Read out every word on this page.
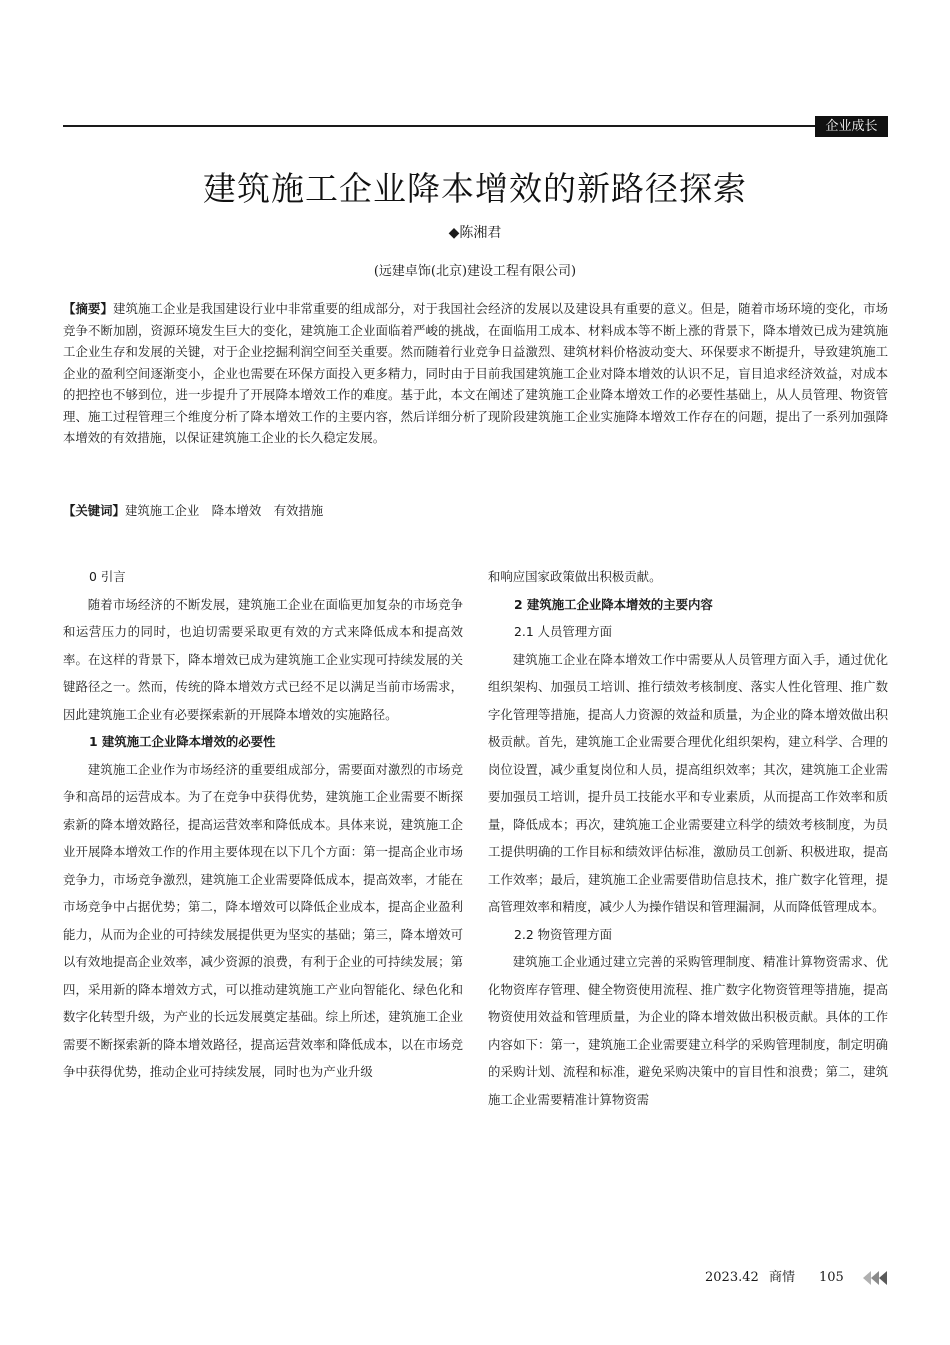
企业成长
建筑施工企业降本增效的新路径探索
◆陈湘君
(远建卓饰(北京)建设工程有限公司)
【摘要】建筑施工企业是我国建设行业中非常重要的组成部分，对于我国社会经济的发展以及建设具有重要的意义。但是，随着市场环境的变化，市场竞争不断加剧，资源环境发生巨大的变化，建筑施工企业面临着严峻的挑战，在面临用工成本、材料成本等不断上涨的背景下，降本增效已成为建筑施工企业生存和发展的关键，对于企业挖掘利润空间至关重要。然而随着行业竞争日益激烈、建筑材料价格波动变大、环保要求不断提升，导致建筑施工企业的盈利空间逐渐变小，企业也需要在环保方面投入更多精力，同时由于目前我国建筑施工企业对降本增效的认识不足，盲目追求经济效益，对成本的把控也不够到位，进一步提升了开展降本增效工作的难度。基于此，本文在阐述了建筑施工企业降本增效工作的必要性基础上，从人员管理、物资管理、施工过程管理三个维度分析了降本增效工作的主要内容，然后详细分析了现阶段建筑施工企业实施降本增效工作存在的问题，提出了一系列加强降本增效的有效措施，以保证建筑施工企业的长久稳定发展。
【关键词】建筑施工企业　降本增效　有效措施
0 引言

随着市场经济的不断发展，建筑施工企业在面临更加复杂的市场竞争和运营压力的同时，也迫切需要采取更有效的方式来降低成本和提高效率。在这样的背景下，降本增效已成为建筑施工企业实现可持续发展的关键路径之一。然而，传统的降本增效方式已经不足以满足当前市场需求，因此建筑施工企业有必要探索新的开展降本增效的实施路径。

1 建筑施工企业降本增效的必要性

建筑施工企业作为市场经济的重要组成部分，需要面对激烈的市场竞争和高昂的运营成本。为了在竞争中获得优势，建筑施工企业需要不断探索新的降本增效路径，提高运营效率和降低成本。具体来说，建筑施工企业开展降本增效工作的作用主要体现在以下几个方面：第一提高企业市场竞争力，市场竞争激烈，建筑施工企业需要降低成本，提高效率，才能在市场竞争中占据优势；第二，降本增效可以降低企业成本，提高企业盈利能力，从而为企业的可持续发展提供更为坚实的基础；第三，降本增效可以有效地提高企业效率，减少资源的浪费，有利于企业的可持续发展；第四，采用新的降本增效方式，可以推动建筑施工产业向智能化、绿色化和数字化转型升级，为产业的长远发展奠定基础。综上所述，建筑施工企业需要不断探索新的降本增效路径，提高运营效率和降低成本，以在市场竞争中获得优势，推动企业可持续发展，同时也为产业升级

和响应国家政策做出积极贡献。

2 建筑施工企业降本增效的主要内容
2.1 人员管理方面

建筑施工企业在降本增效工作中需要从人员管理方面入手，通过优化组织架构、加强员工培训、推行绩效考核制度、落实人性化管理、推广数字化管理等措施，提高人力资源的效益和质量，为企业的降本增效做出积极贡献。首先，建筑施工企业需要合理优化组织架构，建立科学、合理的岗位设置，减少重复岗位和人员，提高组织效率；其次，建筑施工企业需要加强员工培训，提升员工技能水平和专业素质，从而提高工作效率和质量，降低成本；再次，建筑施工企业需要建立科学的绩效考核制度，为员工提供明确的工作目标和绩效评估标准，激励员工创新、积极进取，提高工作效率；最后，建筑施工企业需要借助信息技术，推广数字化管理，提高管理效率和精度，减少人为操作错误和管理漏洞，从而降低管理成本。

2.2 物资管理方面

建筑施工企业通过建立完善的采购管理制度、精准计算物资需求、优化物资库存管理、健全物资使用流程、推广数字化物资管理等措施，提高物资使用效益和管理质量，为企业的降本增效做出积极贡献。具体的工作内容如下：第一，建筑施工企业需要建立科学的采购管理制度，制定明确的采购计划、流程和标准，避免采购决策中的盲目性和浪费；第二，建筑施工企业需要精准计算物资需

2023.42 商情 105
